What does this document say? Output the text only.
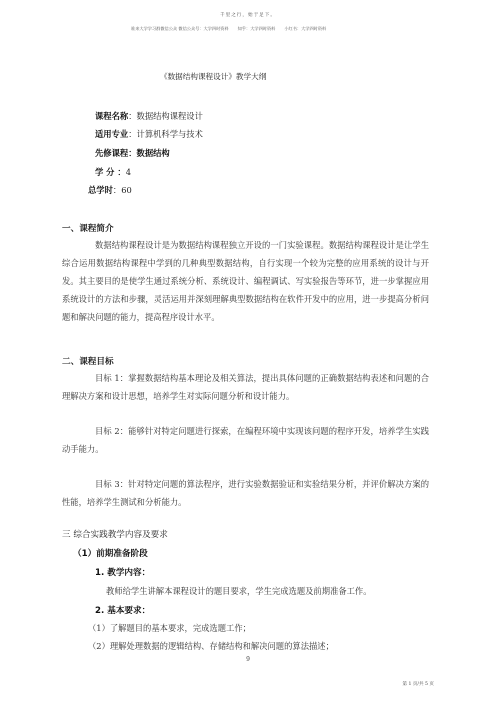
千里之行，始于足下。
谁来大学学习群微信公众 微信公众号：大学四时资料 知乎：大学四时资料 小红书：大学四时资料
《数据结构课程设计》教学大纲
课程名称：数据结构课程设计
适用专业：计算机科学与技术
先修课程：数据结构
学 分 ：4
总学时：60
一、课程简介
数据结构课程设计是为数据结构课程独立开设的一门实验课程。数据结构课程设计是让学生综合运用数据结构课程中学到的几种典型数据结构，自行实现一个较为完整的应用系统的设计与开发。其主要目的是使学生通过系统分析、系统设计、编程调试、写实验报告等环节，进一步掌握应用系统设计的方法和步骤，灵活运用并深刻理解典型数据结构在软件开发中的应用，进一步提高分析问题和解决问题的能力，提高程序设计水平。
二、课程目标
目标 1：掌握数据结构基本理论及相关算法，提出具体问题的正确数据结构表述和问题的合理解决方案和设计思想，培养学生对实际问题分析和设计能力。
目标 2：能够针对特定问题进行探索，在编程环境中实现该问题的程序开发，培养学生实践动手能力。
目标 3：针对特定问题的算法程序，进行实验数据验证和实验结果分析，并评价解决方案的性能，培养学生测试和分析能力。
三 综合实践教学内容及要求
（1）前期准备阶段
1. 教学内容：
教师给学生讲解本课程设计的题目要求，学生完成选题及前期准备工作。
2. 基本要求：
（1）了解题目的基本要求，完成选题工作；
（2）理解处理数据的逻辑结构、存储结构和解决问题的算法描述；
9
第 1 页/共 5 页
